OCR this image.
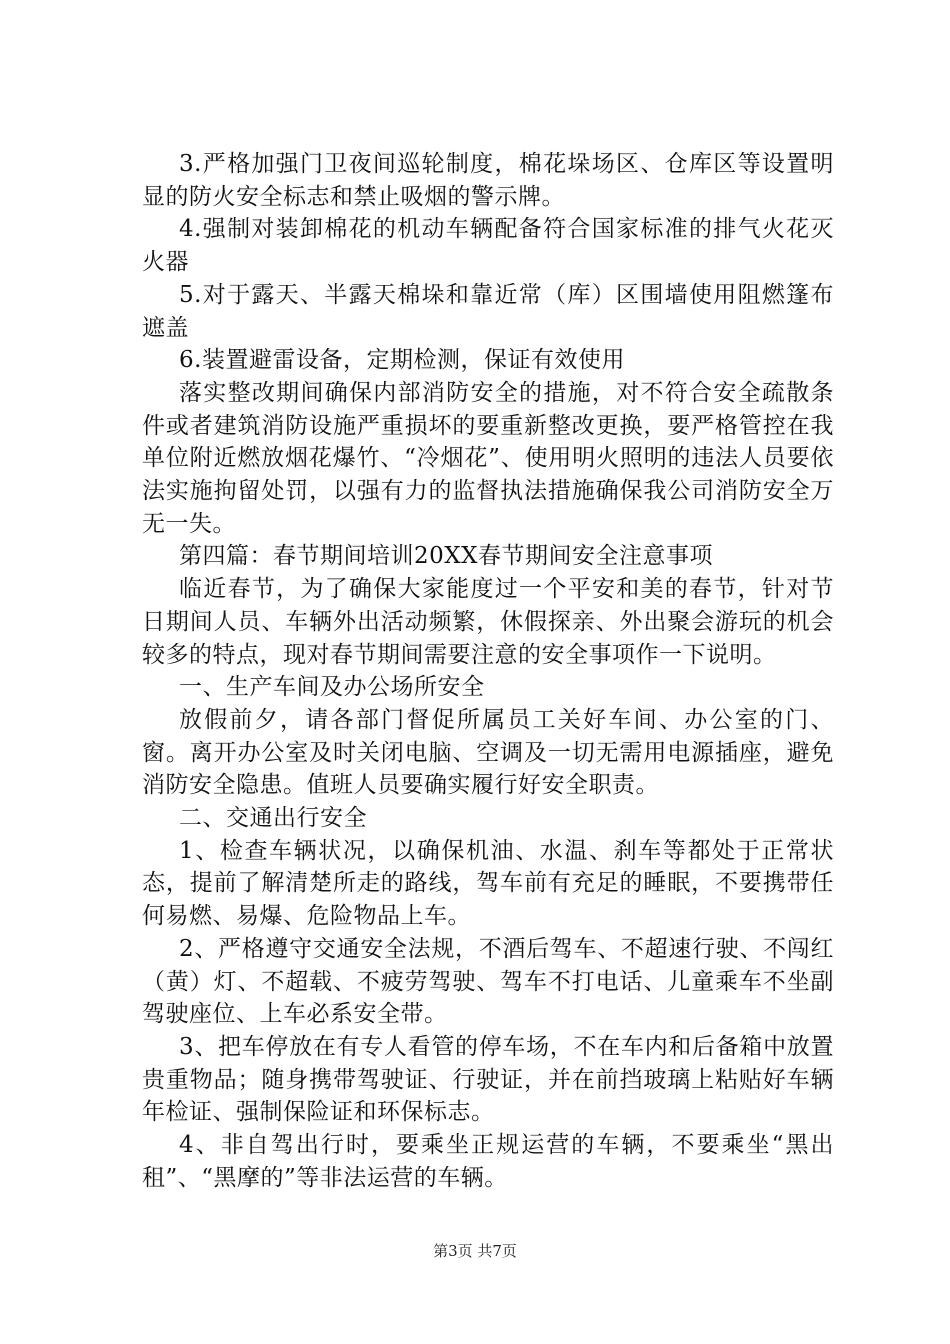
3.严格加强门卫夜间巡轮制度，棉花垛场区、仓库区等设置明显的防火安全标志和禁止吸烟的警示牌。

4.强制对装卸棉花的机动车辆配备符合国家标准的排气火花灭火器

5.对于露天、半露天棉垛和靠近常（库）区围墙使用阻燃篷布遮盖

6.装置避雷设备，定期检测，保证有效使用

落实整改期间确保内部消防安全的措施，对不符合安全疏散条件或者建筑消防设施严重损坏的要重新整改更换，要严格管控在我单位附近燃放烟花爆竹、“冷烟花”、使用明火照明的违法人员要依法实施拘留处罚，以强有力的监督执法措施确保我公司消防安全万无一失。

第四篇：春节期间培训20XX春节期间安全注意事项

临近春节，为了确保大家能度过一个平安和美的春节，针对节日期间人员、车辆外出活动频繁，休假探亲、外出聚会游玩的机会较多的特点，现对春节期间需要注意的安全事项作一下说明。

一、生产车间及办公场所安全

放假前夕，请各部门督促所属员工关好车间、办公室的门、窗。离开办公室及时关闭电脑、空调及一切无需用电源插座，避免消防安全隐患。值班人员要确实履行好安全职责。

二、交通出行安全

1、检查车辆状况，以确保机油、水温、刹车等都处于正常状态，提前了解清楚所走的路线，驾车前有充足的睡眠，不要携带任何易燃、易爆、危险物品上车。

2、严格遵守交通安全法规，不酒后驾车、不超速行驶、不闯红（黄）灯、不超载、不疲劳驾驶、驾车不打电话、儿童乘车不坐副驾驶座位、上车必系安全带。

3、把车停放在有专人看管的停车场，不在车内和后备箱中放置贵重物品；随身携带驾驶证、行驶证，并在前挡玻璃上粘贴好车辆年检证、强制保险证和环保标志。

4、非自驾出行时，要乘坐正规运营的车辆，不要乘坐“黑出租”、“黑摩的”等非法运营的车辆。

第3页 共7页
